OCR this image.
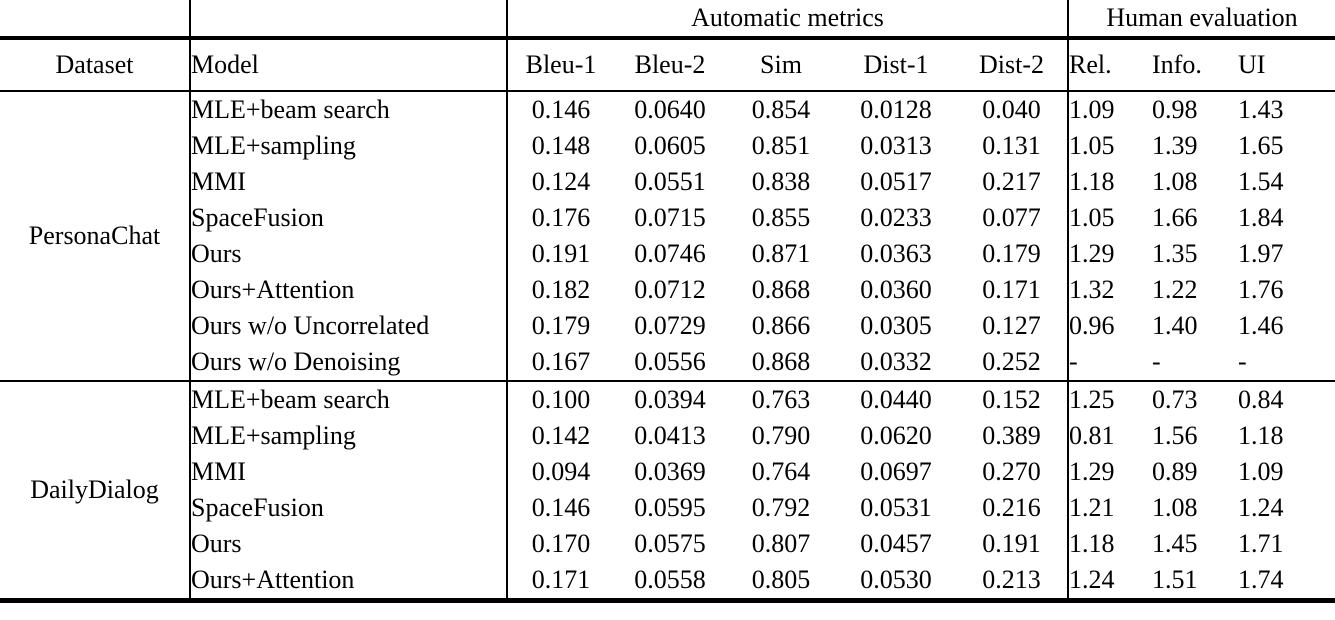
		Automatic metrics					Human evaluation		
Dataset	Model	Bleu-1	Bleu-2	Sim	Dist-1	Dist-2	Rel.	Info.	UI
PersonaChat	MLE+beam search	0.146	0.0640	0.854	0.0128	0.040	1.09	0.98	1.43
	MLE+sampling	0.148	0.0605	0.851	0.0313	0.131	1.05	1.39	1.65
	MMI	0.124	0.0551	0.838	0.0517	0.217	1.18	1.08	1.54
	SpaceFusion	0.176	0.0715	0.855	0.0233	0.077	1.05	1.66	1.84
	Ours	0.191	0.0746	0.871	0.0363	0.179	1.29	1.35	1.97
	Ours+Attention	0.182	0.0712	0.868	0.0360	0.171	1.32	1.22	1.76
	Ours w/o Uncorrelated	0.179	0.0729	0.866	0.0305	0.127	0.96	1.40	1.46
	Ours w/o Denoising	0.167	0.0556	0.868	0.0332	0.252	-	-	-
DailyDialog	MLE+beam search	0.100	0.0394	0.763	0.0440	0.152	1.25	0.73	0.84
	MLE+sampling	0.142	0.0413	0.790	0.0620	0.389	0.81	1.56	1.18
	MMI	0.094	0.0369	0.764	0.0697	0.270	1.29	0.89	1.09
	SpaceFusion	0.146	0.0595	0.792	0.0531	0.216	1.21	1.08	1.24
	Ours	0.170	0.0575	0.807	0.0457	0.191	1.18	1.45	1.71
	Ours+Attention	0.171	0.0558	0.805	0.0530	0.213	1.24	1.51	1.74
